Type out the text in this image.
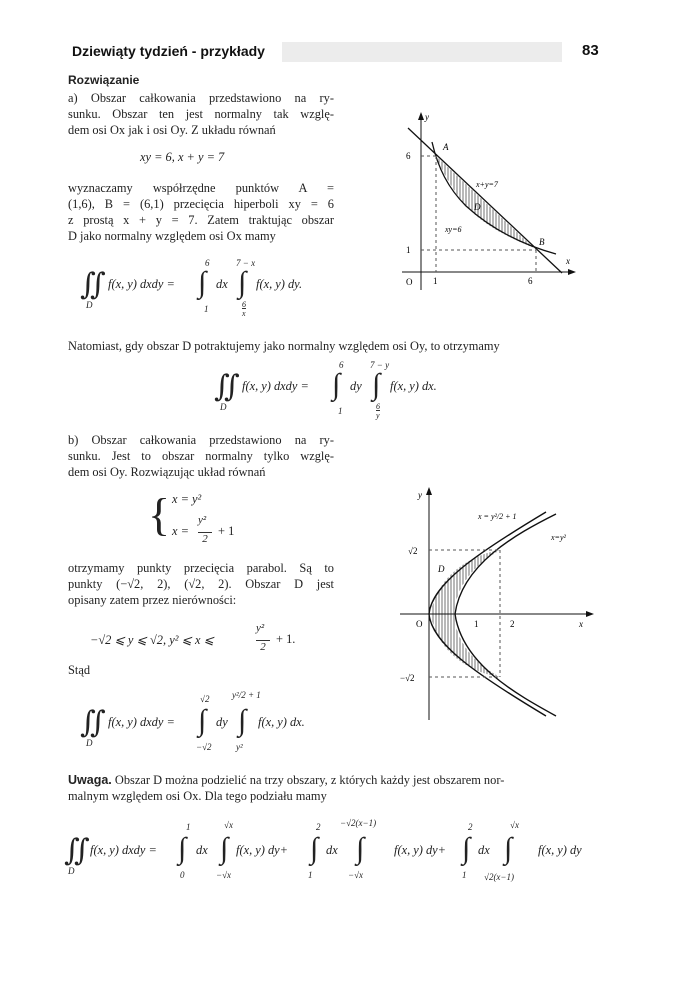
Dziewiąty tydzień - przykłady	83
Rozwiązanie

a) Obszar całkowania przedstawiono na ry-

sunku. Obszar ten jest normalny tak wzglę-

dem osi Ox jak i osi Oy. Z układu równań

xy = 6, x + y = 7

wyznaczamy współrzędne punktów A =

(1,6), B = (6,1) przecięcia hiperboli xy = 6

z prostą x + y = 7. Zatem traktując obszar

D jako normalny względem osi Ox mamy

∬
D
f(x, y) dxdy =
6
∫
1
dx
7 − x
∫
6
x
f(x, y) dy.
y
x
6
1
O 1	6
A
B
D
x+y=7
xy=6
Natomiast, gdy obszar D potraktujemy jako normalny względem osi Oy, to otrzymamy
∬
D
f(x, y) dxdy =
6
∫
1
dy
7 − y
∫
6
y
f(x, y) dx.

b) Obszar całkowania przedstawiono na ry-

sunku. Jest to obszar normalny tylko wzglę-

dem osi Oy. Rozwiązując układ równań

{ x = y²
x =
y²
2
+ 1

otrzymamy punkty przecięcia parabol. Są to

punkty (−√2, 2), (√2, 2). Obszar D jest

opisany zatem przez nierówności:

−√2 ⩽ y ⩽ √2, y² ⩽ x ⩽
y²
2
+ 1.
Stąd
∬
D
f(x, y) dxdy =
√2
∫
−√2
dy
y²/2 + 1
∫
y²
f(x, y) dx.
y
x
O
√2
−√2
1	2
D
x = y²/2 + 1
x=y²

Uwaga. Obszar D można podzielić na trzy obszary, z których każdy jest obszarem nor-

malnym względem osi Ox. Dla tego podziału mamy

∬
D
f(x, y) dxdy =
1
∫
0
dx
√x
∫
−√x
f(x, y) dy+
2
∫
1
dx
−√2(x−1)
∫
−√x
f(x, y) dy+
2
∫
1
dx
√x
∫
√2(x−1)
f(x, y) dy
